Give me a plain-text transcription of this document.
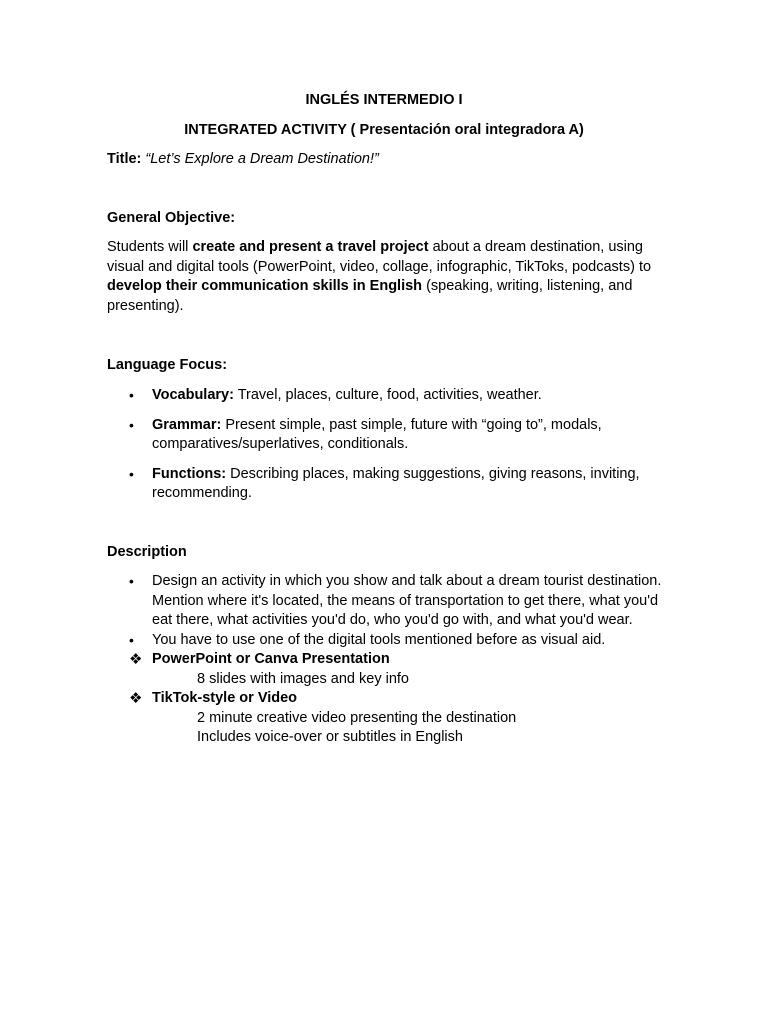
INGLÉS INTERMEDIO I
INTEGRATED ACTIVITY ( Presentación oral integradora A)
Title: “Let’s Explore a Dream Destination!”
General Objective:
Students will create and present a travel project about a dream destination, using visual and digital tools (PowerPoint, video, collage, infographic, TikToks, podcasts) to develop their communication skills in English (speaking, writing, listening, and presenting).
Language Focus:
• Vocabulary: Travel, places, culture, food, activities, weather.
• Grammar: Present simple, past simple, future with “going to”, modals, comparatives/superlatives, conditionals.
• Functions: Describing places, making suggestions, giving reasons, inviting, recommending.
Description
• Design an activity in which you show and talk about a dream tourist destination. Mention where it's located, the means of transportation to get there, what you'd eat there, what activities you'd do, who you'd go with, and what you'd wear.
• You have to use one of the digital tools mentioned before as visual aid.
❖ PowerPoint or Canva Presentation
8 slides with images and key info
❖ TikTok-style or Video
2 minute creative video presenting the destination
Includes voice-over or subtitles in English
